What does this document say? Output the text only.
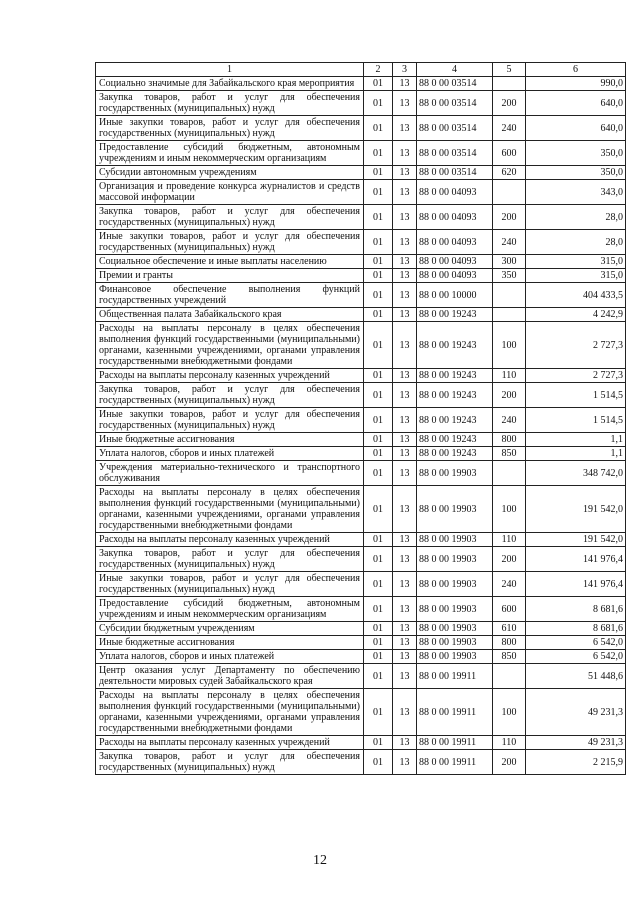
1	2	3	4	5	6
Социально значимые для Забайкальского края мероприятия	01	13	88 0 00 03514		990,0
Закупка товаров, работ и услуг для обеспечения государственных (муниципальных) нужд	01	13	88 0 00 03514	200	640,0
Иные закупки товаров, работ и услуг для обеспечения государственных (муниципальных) нужд	01	13	88 0 00 03514	240	640,0
Предоставление субсидий бюджетным, автономным учреждениям и иным некоммерческим организациям	01	13	88 0 00 03514	600	350,0
Субсидии автономным учреждениям	01	13	88 0 00 03514	620	350,0
Организация и проведение конкурса журналистов и средств массовой информации	01	13	88 0 00 04093		343,0
Закупка товаров, работ и услуг для обеспечения государственных (муниципальных) нужд	01	13	88 0 00 04093	200	28,0
Иные закупки товаров, работ и услуг для обеспечения государственных (муниципальных) нужд	01	13	88 0 00 04093	240	28,0
Социальное обеспечение и иные выплаты населению	01	13	88 0 00 04093	300	315,0
Премии и гранты	01	13	88 0 00 04093	350	315,0
Финансовое обеспечение выполнения функций государственных учреждений	01	13	88 0 00 10000		404 433,5
Общественная палата Забайкальского края	01	13	88 0 00 19243		4 242,9
Расходы на выплаты персоналу в целях обеспечения выполнения функций государственными (муниципальными) органами, казенными учреждениями, органами управления государственными внебюджетными фондами	01	13	88 0 00 19243	100	2 727,3
Расходы на выплаты персоналу казенных учреждений	01	13	88 0 00 19243	110	2 727,3
Закупка товаров, работ и услуг для обеспечения государственных (муниципальных) нужд	01	13	88 0 00 19243	200	1 514,5
Иные закупки товаров, работ и услуг для обеспечения государственных (муниципальных) нужд	01	13	88 0 00 19243	240	1 514,5
Иные бюджетные ассигнования	01	13	88 0 00 19243	800	1,1
Уплата налогов, сборов и иных платежей	01	13	88 0 00 19243	850	1,1
Учреждения материально-технического и транспортного обслуживания	01	13	88 0 00 19903		348 742,0
Расходы на выплаты персоналу в целях обеспечения выполнения функций государственными (муниципальными) органами, казенными учреждениями, органами управления государственными внебюджетными фондами	01	13	88 0 00 19903	100	191 542,0
Расходы на выплаты персоналу казенных учреждений	01	13	88 0 00 19903	110	191 542,0
Закупка товаров, работ и услуг для обеспечения государственных (муниципальных) нужд	01	13	88 0 00 19903	200	141 976,4
Иные закупки товаров, работ и услуг для обеспечения государственных (муниципальных) нужд	01	13	88 0 00 19903	240	141 976,4
Предоставление субсидий бюджетным, автономным учреждениям и иным некоммерческим организациям	01	13	88 0 00 19903	600	8 681,6
Субсидии бюджетным учреждениям	01	13	88 0 00 19903	610	8 681,6
Иные бюджетные ассигнования	01	13	88 0 00 19903	800	6 542,0
Уплата налогов, сборов и иных платежей	01	13	88 0 00 19903	850	6 542,0
Центр оказания услуг Департаменту по обеспечению деятельности мировых судей Забайкальского края	01	13	88 0 00 19911		51 448,6
Расходы на выплаты персоналу в целях обеспечения выполнения функций государственными (муниципальными) органами, казенными учреждениями, органами управления государственными внебюджетными фондами	01	13	88 0 00 19911	100	49 231,3
Расходы на выплаты персоналу казенных учреждений	01	13	88 0 00 19911	110	49 231,3
Закупка товаров, работ и услуг для обеспечения государственных (муниципальных) нужд	01	13	88 0 00 19911	200	2 215,9
12
